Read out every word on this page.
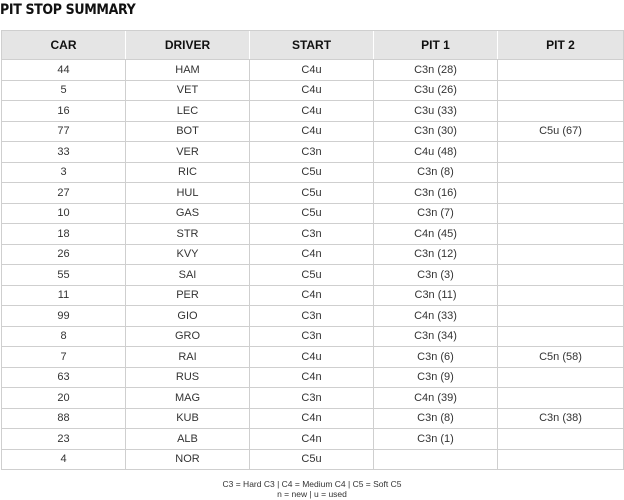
PIT STOP SUMMARY
CAR	DRIVER	START	PIT 1	PIT 2
44	HAM	C4u	C3n (28)	
5	VET	C4u	C3u (26)	
16	LEC	C4u	C3u (33)	
77	BOT	C4u	C3n (30)	C5u (67)
33	VER	C3n	C4u (48)	
3	RIC	C5u	C3n (8)	
27	HUL	C5u	C3n (16)	
10	GAS	C5u	C3n (7)	
18	STR	C3n	C4n (45)	
26	KVY	C4n	C3n (12)	
55	SAI	C5u	C3n (3)	
11	PER	C4n	C3n (11)	
99	GIO	C3n	C4n (33)	
8	GRO	C3n	C3n (34)	
7	RAI	C4u	C3n (6)	C5n (58)
63	RUS	C4n	C3n (9)	
20	MAG	C3n	C4n (39)	
88	KUB	C4n	C3n (8)	C3n (38)
23	ALB	C4n	C3n (1)	
4	NOR	C5u		
C3 = Hard C3 | C4 = Medium C4 | C5 = Soft C5
n = new | u = used
